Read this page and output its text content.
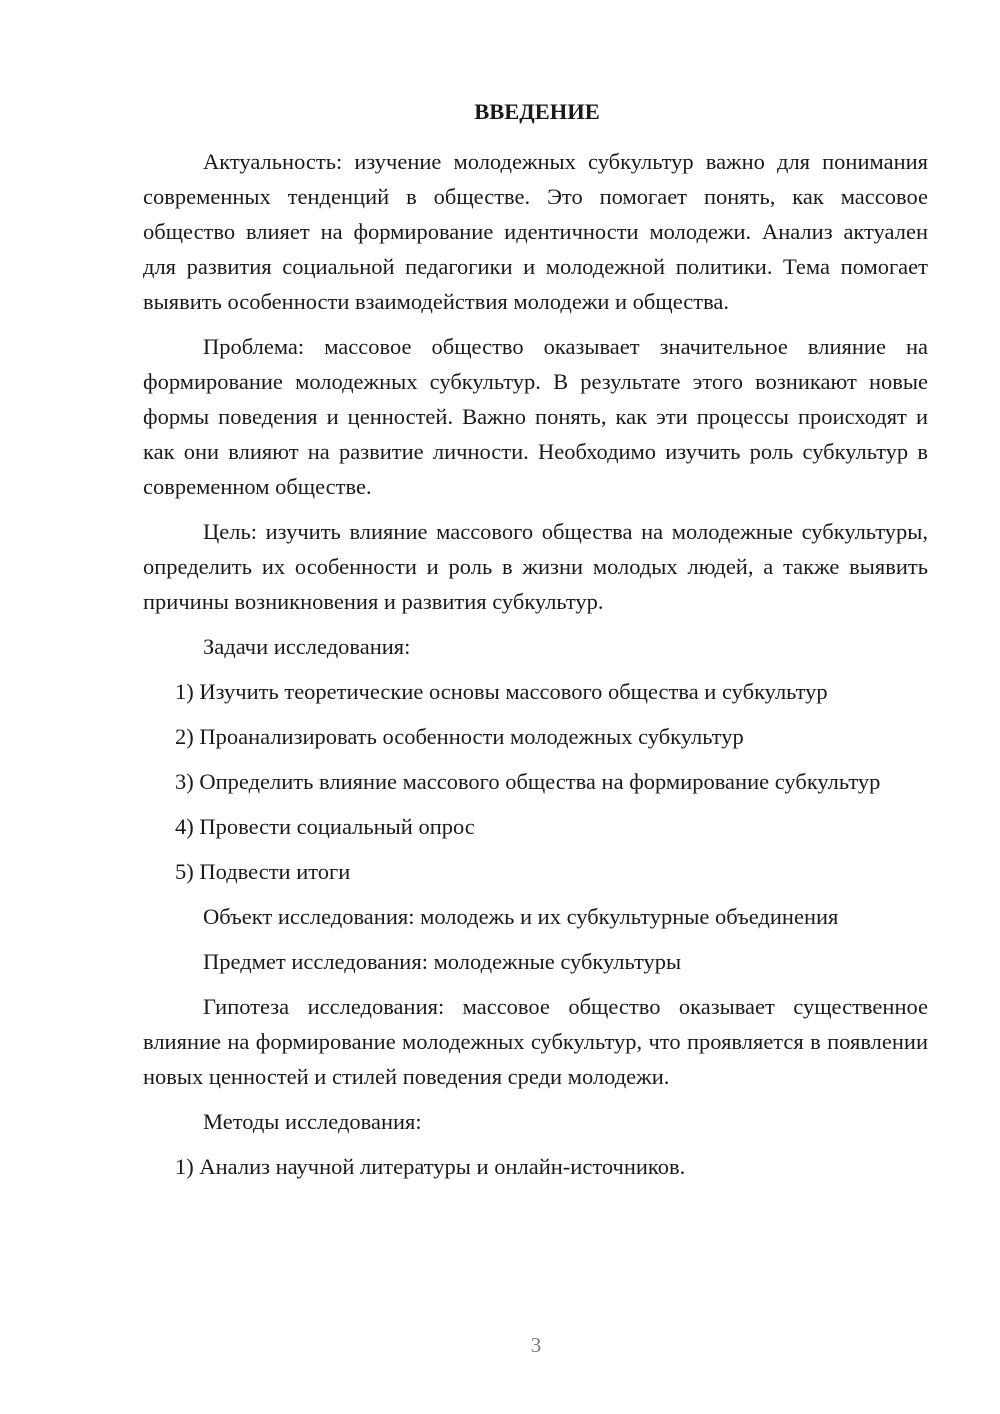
ВВЕДЕНИЕ

Актуальность: изучение молодежных субкультур важно для понимания современных тенденций в обществе. Это помогает понять, как массовое общество влияет на формирование идентичности молодежи. Анализ актуален для развития социальной педагогики и молодежной политики. Тема помогает выявить особенности взаимодействия молодежи и общества.

Проблема: массовое общество оказывает значительное влияние на формирование молодежных субкультур. В результате этого возникают новые формы поведения и ценностей. Важно понять, как эти процессы происходят и как они влияют на развитие личности. Необходимо изучить роль субкультур в современном обществе.

Цель: изучить влияние массового общества на молодежные субкультуры, определить их особенности и роль в жизни молодых людей, а также выявить причины возникновения и развития субкультур.

Задачи исследования:

1) Изучить теоретические основы массового общества и субкультур

2) Проанализировать особенности молодежных субкультур

3) Определить влияние массового общества на формирование субкультур

4) Провести социальный опрос

5) Подвести итоги

Объект исследования: молодежь и их субкультурные объединения

Предмет исследования: молодежные субкультуры

Гипотеза исследования: массовое общество оказывает существенное влияние на формирование молодежных субкультур, что проявляется в появлении новых ценностей и стилей поведения среди молодежи.

Методы исследования:

1) Анализ научной литературы и онлайн-источников.

3
